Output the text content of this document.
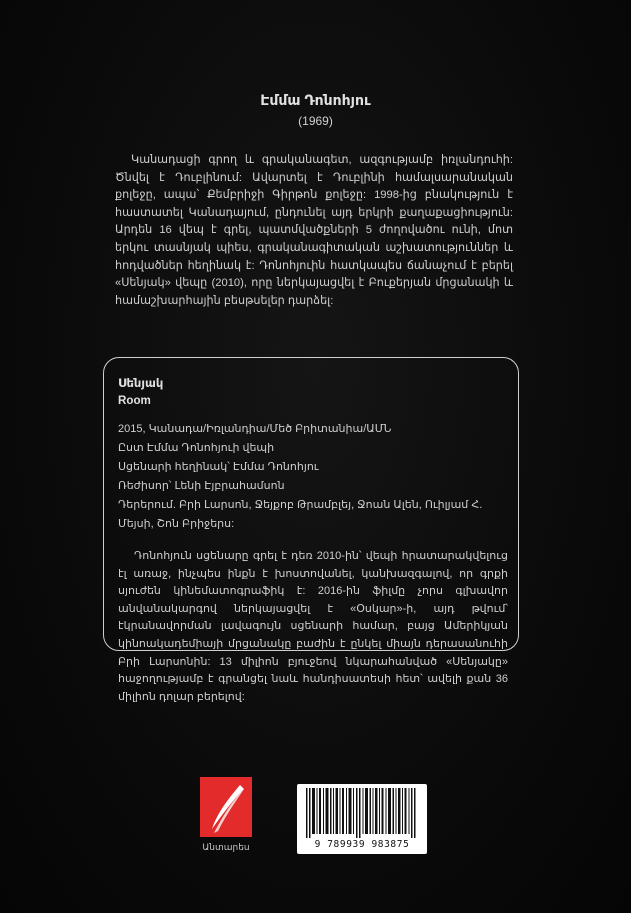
Էմմա Դոնոհյու
(1969)

Կանադացի գրող և գրականագետ, ազգությամբ իռլանդուհի: Ծնվել է Դուբլինում: Ավարտել է Դուբլինի համալսարանական քոլեջը, ապա՝ Քեմբրիջի Գիրթոն քոլեջը: 1998-ից բնակություն է հաստատել Կանադայում, ընդունել այդ երկրի քաղաքացիություն: Արդեն 16 վեպ է գրել, պատմվածքների 5 ժողովածու ունի, մոտ երկու տասնյակ պիես, գրականագիտական աշխատություններ և հոդվածներ հեղինակ է: Դոնոհյուին հատկապես ճանաչում է բերել «Սենյակ» վեպը (2010), որը ներկայացվել է Բուքերյան մրցանակի և համաշխարհային բեսթսելեր դարձել:

Սենյակ
Room
2015, Կանադա/Իռլանդիա/Մեծ Բրիտանիա/ԱՄՆ
Ըստ Էմմա Դոնոհյուի վեպի
Սցենարի հեղինակ՝ Էմմա Դոնոհյու
Ռեժիսոր՝ Լենի Էյբրահամսոն
Դերերում. Բրի Լարսոն, Ջեյքոբ Թրամբլեյ, Ջոան Ալեն, Ուիլյամ Հ.
Մեյսի, Շոն Բրիջերս:

Դոնոհյուն սցենարը գրել է դեռ 2010-ին՝ վեպի հրատարակվելուց էլ առաջ, ինչպես ինքն է խոստովանել, կանխազգալով, որ գրքի սյուժեն կինեմատոգրաֆիկ է: 2016-ին ֆիլմը չորս գլխավոր անվանակարգով ներկայացվել է «Օսկար»-ի, այդ թվում՝ էկրանավորման լավագույն սցենարի համար, բայց Ամերիկյան կինոակադեմիայի մրցանակը բաժին է ընկել միայն դերասանուհի Բրի Լարսոնին: 13 միլիոն բյուջեով նկարահանված «Սենյակը» հաջողությամբ է գրանցել նաև հանդիսատեսի հետ՝ ավելի քան 36 միլիոն դոլար բերելով:

Անտարես	9 789939 983875
